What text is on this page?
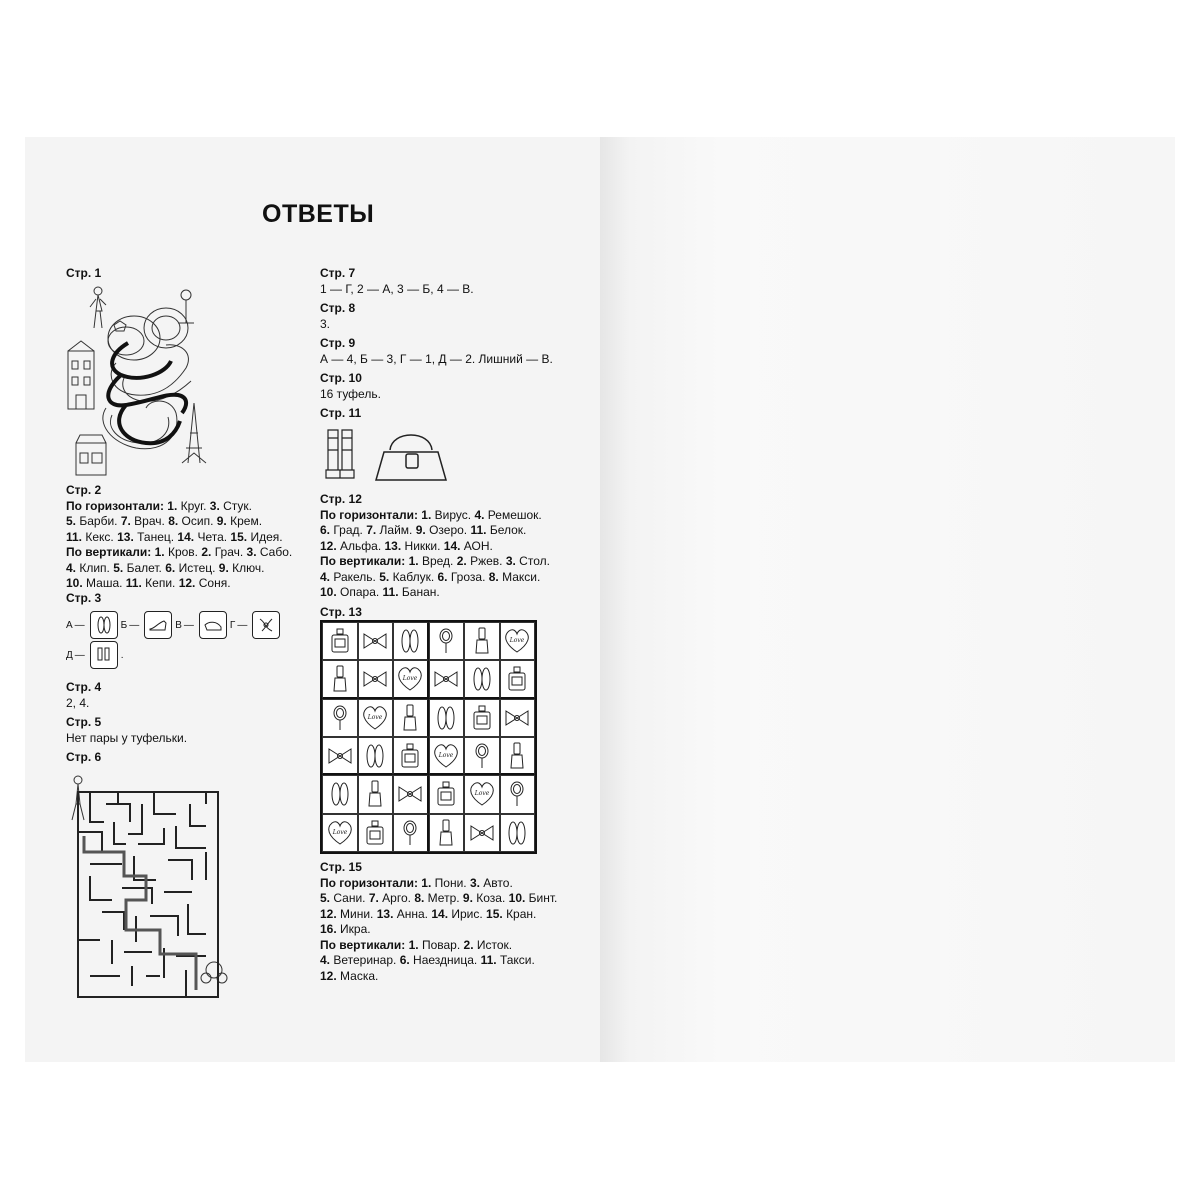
ОТВЕТЫ

Стр. 1

Стр. 2

По горизонтали: 1. Круг. 3. Стук.

5. Барби. 7. Врач. 8. Осип. 9. Крем.

11. Кекс. 13. Танец. 14. Чета. 15. Идея.

По вертикали: 1. Кров. 2. Грач. 3. Сабо.

4. Клип. 5. Балет. 6. Истец. 9. Ключ.

10. Маша. 11. Кепи. 12. Соня.

Стр. 3

А —	Б —	В —	Г —
Д —	.

Стр. 4

2, 4.

Стр. 5

Нет пары у туфельки.

Стр. 6

Стр. 7

1 — Г, 2 — А, 3 — Б, 4 — В.

Стр. 8

3.

Стр. 9

А — 4, Б — 3, Г — 1, Д — 2. Лишний — В.

Стр. 10

16 туфель.

Стр. 11

Стр. 12

По горизонтали: 1. Вирус. 4. Ремешок.

6. Град. 7. Лайм. 9. Озеро. 11. Белок.

12. Альфа. 13. Никки. 14. АОН.

По вертикали: 1. Вред. 2. Ржев. 3. Стол.

4. Ракель. 5. Каблук. 6. Гроза. 8. Макси.

10. Опара. 11. Банан.

Стр. 13

Love
Love
Love
Love
Love
Love

Стр. 15

По горизонтали: 1. Пони. 3. Авто.

5. Сани. 7. Арго. 8. Метр. 9. Коза. 10. Бинт.

12. Мини. 13. Анна. 14. Ирис. 15. Кран.

16. Икра.

По вертикали: 1. Повар. 2. Исток.

4. Ветеринар. 6. Наездница. 11. Такси.

12. Маска.
